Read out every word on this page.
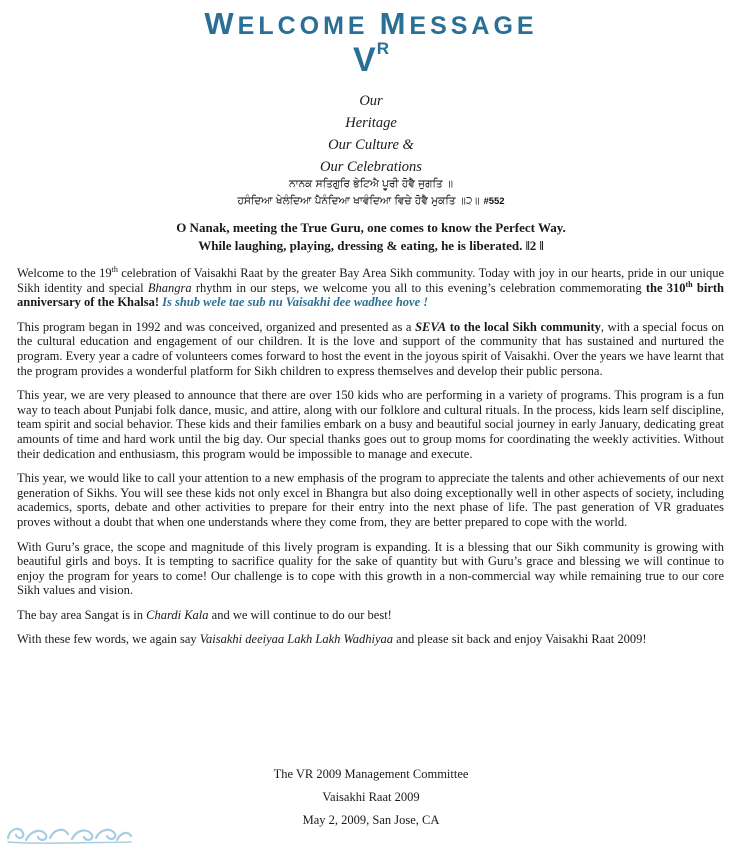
WELCOME MESSAGE
$V^R$
Our
Heritage
Our Culture &
Our Celebrations
ਨਾਨਕ ਸਤਿਗੁਰਿ ਭੇਟਿਐ ਪੂਰੀ ਹੋਵੈ ਜੁਗਤਿ ॥
ਹਸੰਦਿਆ ਖੇਲੰਦਿਆ ਪੈਨੰਦਿਆ ਖਾਵੰਦਿਆ ਵਿਚੇ ਹੋਵੈ ਮੁਕਤਿ ॥੨॥ #552
O Nanak, meeting the True Guru, one comes to know the Perfect Way.
While laughing, playing, dressing & eating, he is liberated. ‖2 ‖

Welcome to the 19th celebration of Vaisakhi Raat by the greater Bay Area Sikh community. Today with joy in our hearts, pride in our unique Sikh identity and special Bhangra rhythm in our steps, we welcome you all to this evening’s celebration commemorating the 310th birth anniversary of the Khalsa! Is shub wele tae sub nu Vaisakhi dee wadhee hove !

This program began in 1992 and was conceived, organized and presented as a SEVA to the local Sikh community, with a special focus on the cultural education and engagement of our children. It is the love and support of the community that has sustained and nurtured the program. Every year a cadre of volunteers comes forward to host the event in the joyous spirit of Vaisakhi. Over the years we have learnt that the program provides a wonderful platform for Sikh children to express themselves and develop their public persona.

This year, we are very pleased to announce that there are over 150 kids who are performing in a variety of programs. This program is a fun way to teach about Punjabi folk dance, music, and attire, along with our folklore and cultural rituals. In the process, kids learn self discipline, team spirit and social behavior. These kids and their families embark on a busy and beautiful social journey in early January, dedicating great amounts of time and hard work until the big day. Our special thanks goes out to group moms for coordinating the weekly activities. Without their dedication and enthusiasm, this program would be impossible to manage and execute.

This year, we would like to call your attention to a new emphasis of the program to appreciate the talents and other achievements of our next generation of Sikhs. You will see these kids not only excel in Bhangra but also doing exceptionally well in other aspects of society, including academics, sports, debate and other activities to prepare for their entry into the next phase of life. The past generation of VR graduates proves without a doubt that when one understands where they come from, they are better prepared to cope with the world.

With Guru’s grace, the scope and magnitude of this lively program is expanding. It is a blessing that our Sikh community is growing with beautiful girls and boys. It is tempting to sacrifice quality for the sake of quantity but with Guru’s grace and blessing we will continue to enjoy the program for years to come! Our challenge is to cope with this growth in a non-commercial way while remaining true to our core Sikh values and vision.

The bay area Sangat is in Chardi Kala and we will continue to do our best!

With these few words, we again say Vaisakhi deeiyaa Lakh Lakh Wadhiyaa and please sit back and enjoy Vaisakhi Raat 2009!

The VR 2009 Management Committee
Vaisakhi Raat 2009
May 2, 2009, San Jose, CA
